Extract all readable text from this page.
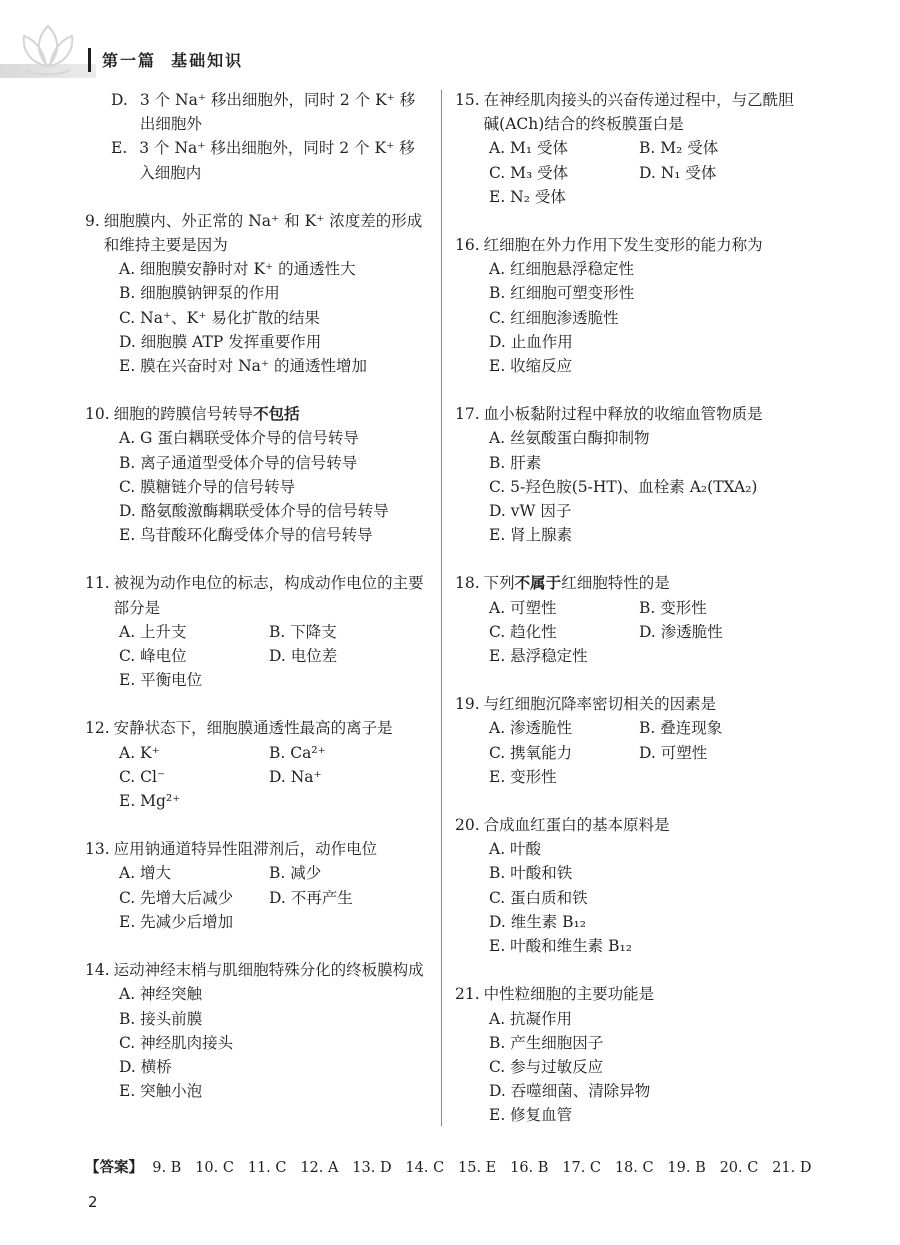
第一篇  基础知识
D. 3 个 Na⁺ 移出细胞外，同时 2 个 K⁺ 移出细胞外
E. 3 个 Na⁺ 移出细胞外，同时 2 个 K⁺ 移入细胞内
9. 细胞膜内、外正常的 Na⁺ 和 K⁺ 浓度差的形成和维持主要是因为
A. 细胞膜安静时对 K⁺ 的通透性大
B. 细胞膜钠钾泵的作用
C. Na⁺、K⁺ 易化扩散的结果
D. 细胞膜 ATP 发挥重要作用
E. 膜在兴奋时对 Na⁺ 的通透性增加
10. 细胞的跨膜信号转导不包括
A. G 蛋白耦联受体介导的信号转导
B. 离子通道型受体介导的信号转导
C. 膜糖链介导的信号转导
D. 酪氨酸激酶耦联受体介导的信号转导
E. 鸟苷酸环化酶受体介导的信号转导
11. 被视为动作电位的标志，构成动作电位的主要部分是
A. 上升支	B. 下降支
C. 峰电位	D. 电位差
E. 平衡电位
12. 安静状态下，细胞膜通透性最高的离子是
A. K⁺	B. Ca²⁺
C. Cl⁻	D. Na⁺
E. Mg²⁺
13. 应用钠通道特异性阻滞剂后，动作电位
A. 增大	B. 减少
C. 先增大后减少	D. 不再产生
E. 先减少后增加
14. 运动神经末梢与肌细胞特殊分化的终板膜构成
A. 神经突触
B. 接头前膜
C. 神经肌肉接头
D. 横桥
E. 突触小泡
15. 在神经肌肉接头的兴奋传递过程中，与乙酰胆碱(ACh)结合的终板膜蛋白是
A. M₁ 受体	B. M₂ 受体
C. M₃ 受体	D. N₁ 受体
E. N₂ 受体
16. 红细胞在外力作用下发生变形的能力称为
A. 红细胞悬浮稳定性
B. 红细胞可塑变形性
C. 红细胞渗透脆性
D. 止血作用
E. 收缩反应
17. 血小板黏附过程中释放的收缩血管物质是
A. 丝氨酸蛋白酶抑制物
B. 肝素
C. 5-羟色胺(5-HT)、血栓素 A₂(TXA₂)
D. vW 因子
E. 肾上腺素
18. 下列不属于红细胞特性的是
A. 可塑性	B. 变形性
C. 趋化性	D. 渗透脆性
E. 悬浮稳定性
19. 与红细胞沉降率密切相关的因素是
A. 渗透脆性	B. 叠连现象
C. 携氧能力	D. 可塑性
E. 变形性
20. 合成血红蛋白的基本原料是
A. 叶酸
B. 叶酸和铁
C. 蛋白质和铁
D. 维生素 B₁₂
E. 叶酸和维生素 B₁₂
21. 中性粒细胞的主要功能是
A. 抗凝作用
B. 产生细胞因子
C. 参与过敏反应
D. 吞噬细菌、清除异物
E. 修复血管
【答案】  9. B   10. C   11. C   12. A   13. D   14. C   15. E   16. B   17. C   18. C   19. B   20. C   21. D
2
